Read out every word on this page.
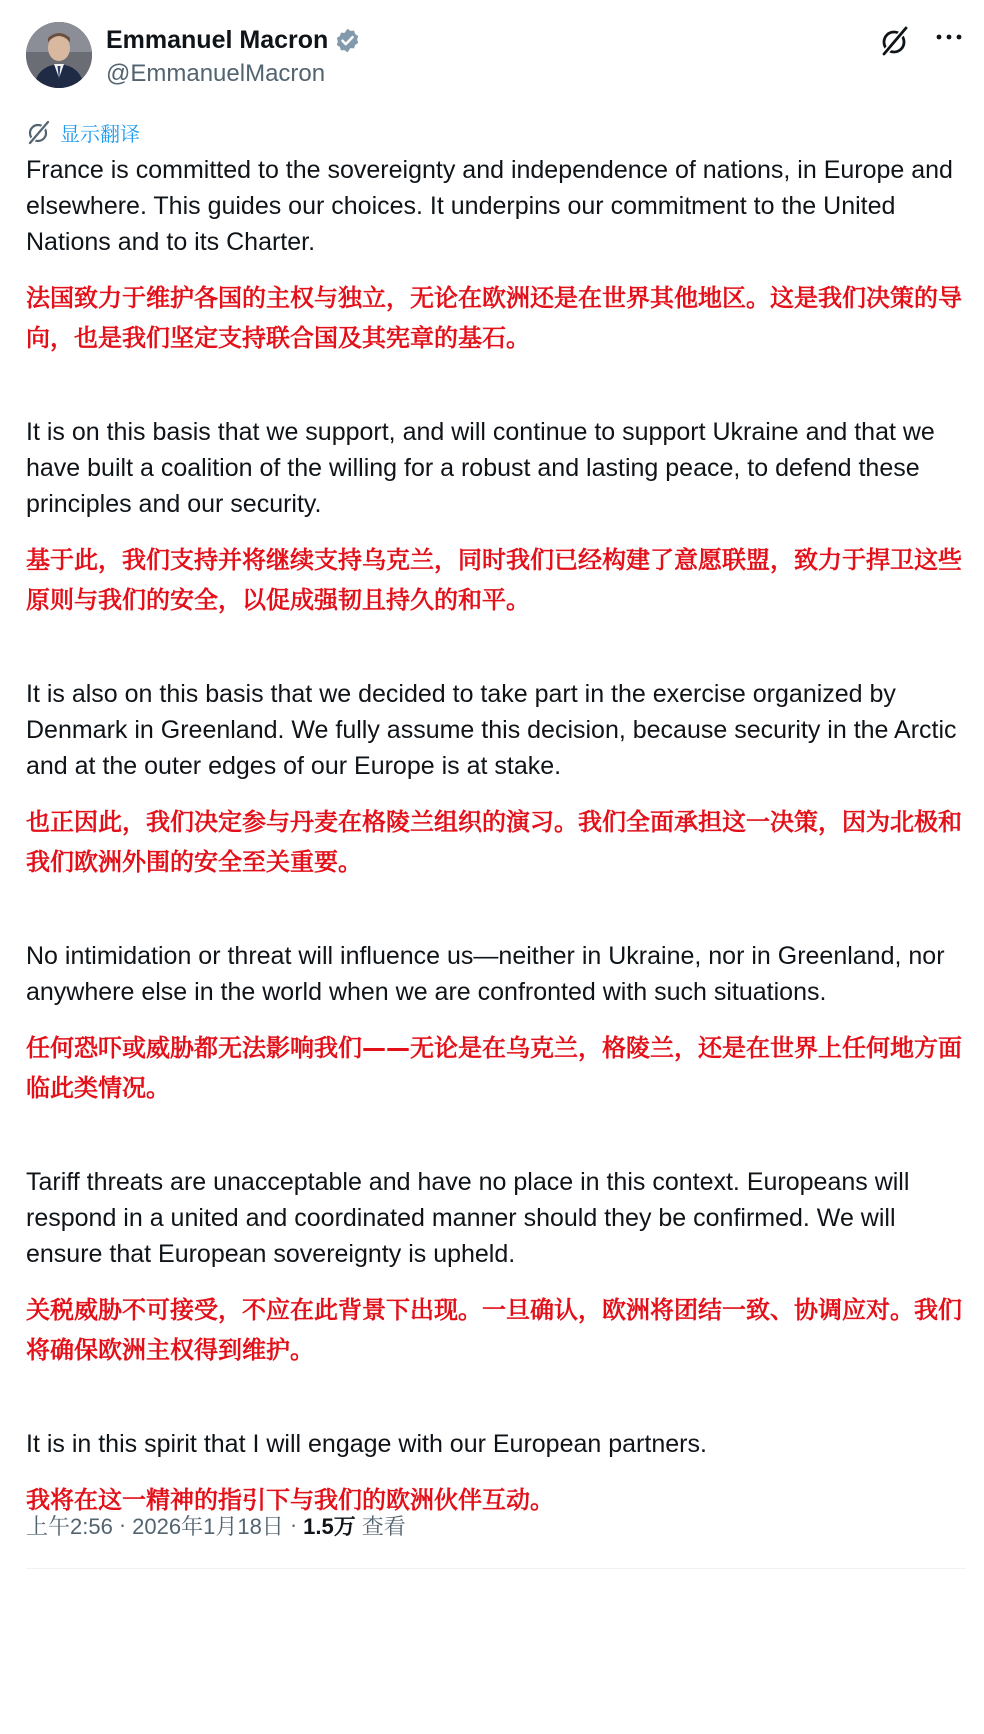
Emmanuel Macron
@EmmanuelMacron
显示翻译

France is committed to the sovereignty and independence of nations, in Europe and elsewhere. This guides our choices. It underpins our commitment to the United Nations and to its Charter.

法国致力于维护各国的主权与独立，无论在欧洲还是在世界其他地区。这是我们决策的导向，也是我们坚定支持联合国及其宪章的基石。

It is on this basis that we support, and will continue to support Ukraine and that we have built a coalition of the willing for a robust and lasting peace, to defend these principles and our security.

基于此，我们支持并将继续支持乌克兰，同时我们已经构建了意愿联盟，致力于捍卫这些原则与我们的安全，以促成强韧且持久的和平。

It is also on this basis that we decided to take part in the exercise organized by Denmark in Greenland. We fully assume this decision, because security in the Arctic and at the outer edges of our Europe is at stake.

也正因此，我们决定参与丹麦在格陵兰组织的演习。我们全面承担这一决策，因为北极和我们欧洲外围的安全至关重要。

No intimidation or threat will influence us—neither in Ukraine, nor in Greenland, nor anywhere else in the world when we are confronted with such situations.

任何恐吓或威胁都无法影响我们——无论是在乌克兰，格陵兰，还是在世界上任何地方面临此类情况。

Tariff threats are unacceptable and have no place in this context. Europeans will respond in a united and coordinated manner should they be confirmed. We will ensure that European sovereignty is upheld.

关税威胁不可接受，不应在此背景下出现。一旦确认，欧洲将团结一致、协调应对。我们将确保欧洲主权得到维护。

It is in this spirit that I will engage with our European partners.

我将在这一精神的指引下与我们的欧洲伙伴互动。

上午2:56 · 2026年1月18日 · 1.5万 查看
